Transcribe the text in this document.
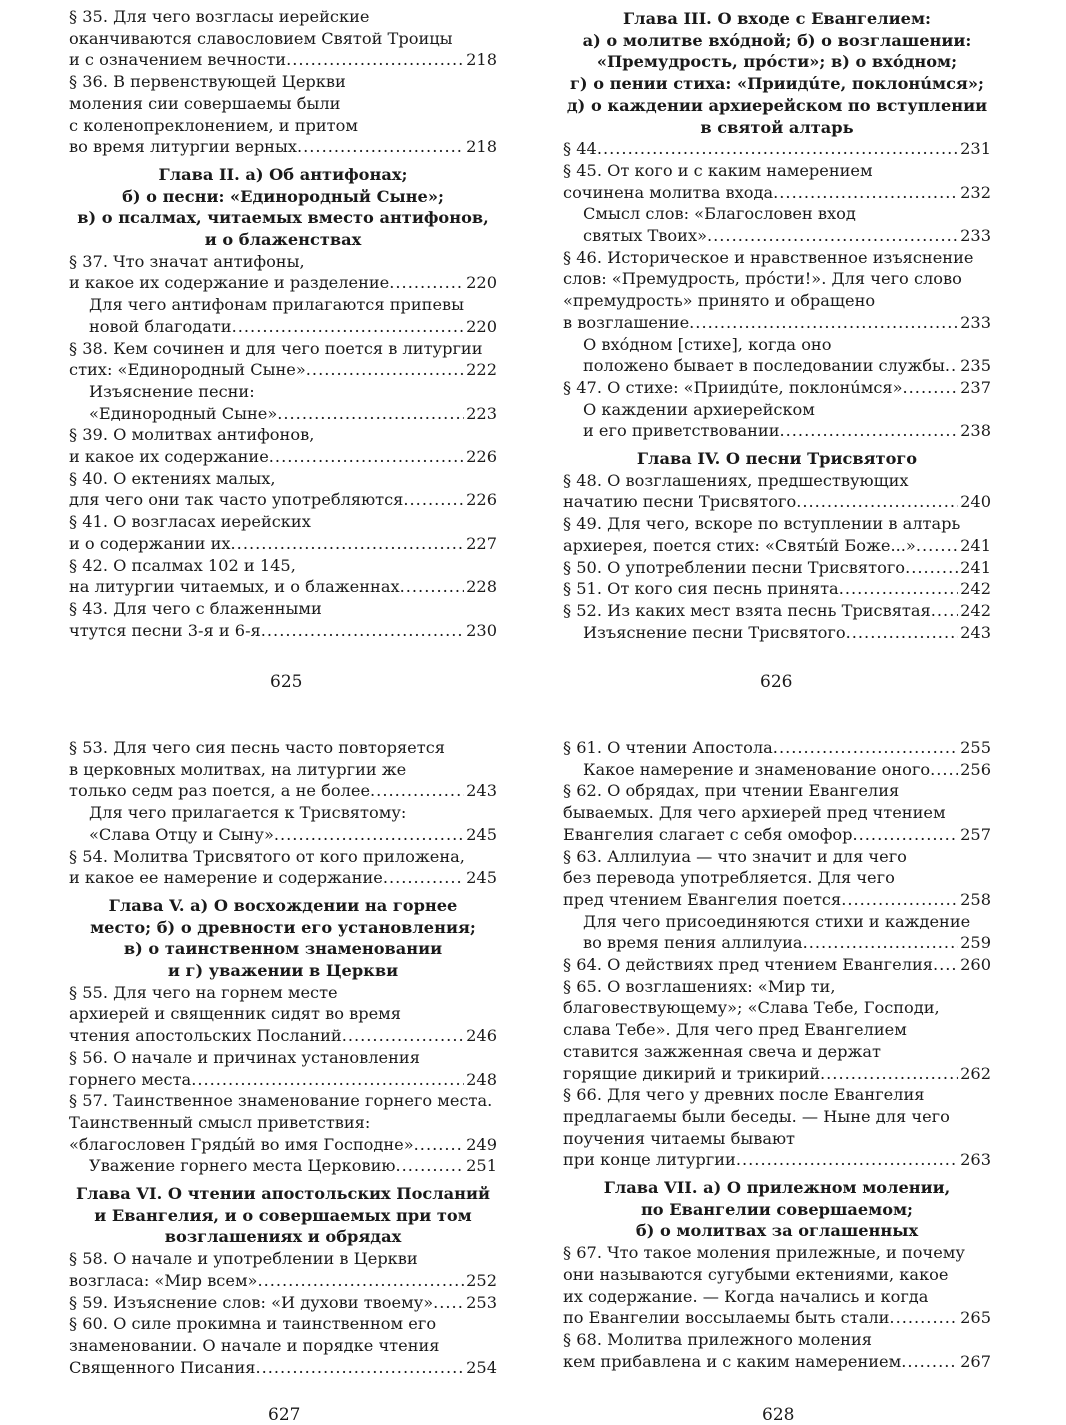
§ 35. Для чего возгласы иерейские
оканчиваются славословием Святой Троицы
и с означением вечности .....	218
§ 36. В первенствующей Церкви
моления сии совершаемы были
с коленопреклонением, и притом
во время литургии верных .....	218
Глава II. а) Об антифонах;
б) о песни: «Единородный Сыне»;
в) о псалмах, читаемых вместо антифонов,
и о блаженствах
§ 37. Что значат антифоны,
и какое их содержание и разделение .....	220
Для чего антифонам прилагаются припевы
новой благодати .....	220
§ 38. Кем сочинен и для чего поется в литургии
стих: «Единородный Сыне» .....	222
Изъяснение песни:
«Единородный Сыне» .....	223
§ 39. О молитвах антифонов,
и какое их содержание .....	226
§ 40. О ектениях малых,
для чего они так часто употребляются .....	226
§ 41. О возгласах иерейских
и о содержании их .....	227
§ 42. О псалмах 102 и 145,
на литургии читаемых, и о блаженнах .....	228
§ 43. Для чего с блаженными
чтутся песни 3-я и 6-я .....	230
Глава III. О входе с Евангелием:
а) о молитве вхóдной; б) о возглашении:
«Премудрость, прóсти»; в) о вхóдном;
г) о пении стиха: «Приидúте, поклонúмся»;
д) о каждении архиерейском по вступлении
в святой алтарь
§ 44 .....	231
§ 45. От кого и с каким намерением
сочинена молитва входа .....	232
Смысл слов: «Благословен вход
святых Твоих» .....	233
§ 46. Историческое и нравственное изъяснение
слов: «Премудрость, прóсти!». Для чего слово
«премудрость» принято и обращено
в возглашение .....	233
О вхóдном [стихе], когда оно
положено бывает в последовании службы ..... 235
§ 47. О стихе: «Приидúте, поклонúмся» .....	237
О каждении архиерейском
и его приветствовании .....	238
Глава IV. О песни Трисвятого
§ 48. О возглашениях, предшествующих
начатию песни Трисвятого .....	240
§ 49. Для чего, вскоре по вступлении в алтарь
архиерея, поется стих: «Святы́й Боже...» .....	241
§ 50. О употреблении песни Трисвятого .....	241
§ 51. От кого сия песнь принята .....	242
§ 52. Из каких мест взята песнь Трисвятая ..... 242
Изъяснение песни Трисвятого .....	243
§ 53. Для чего сия песнь часто повторяется
в церковных молитвах, на литургии же
только седм раз поется, а не более .....	243
Для чего прилагается к Трисвятому:
«Слава Отцу и Сыну» .....	245
§ 54. Молитва Трисвятого от кого приложена,
и какое ее намерение и содержание .....	245
Глава V. а) О восхождении на горнее
место; б) о древности его установления;
в) о таинственном знаменовании
и г) уважении в Церкви
§ 55. Для чего на горнем месте
архиерей и священник сидят во время
чтения апостольских Посланий .....	246
§ 56. О начале и причинах установления
горнего места .....	248
§ 57. Таинственное знаменование горнего места.
Таинственный смысл приветствия:
«благословен Гряды́й во имя Господне» .....	249
Уважение горнего места Церковию .....	251
Глава VI. О чтении апостольских Посланий
и Евангелия, и о совершаемых при том
возглашениях и обрядах
§ 58. О начале и употреблении в Церкви
возгласа: «Мир всем» .....	252
§ 59. Изъяснение слов: «И духови твоему» ..... 253
§ 60. О силе прокимна и таинственном его
знаменовании. О начале и порядке чтения
Священного Писания .....	254
§ 61. О чтении Апостола .....	255
Какое намерение и знаменование оного ..... 256
§ 62. О обрядах, при чтении Евангелия
бываемых. Для чего архиерей пред чтением
Евангелия слагает с себя омофор .....	257
§ 63. Аллилуиа — что значит и для чего
без перевода употребляется. Для чего
пред чтением Евангелия поется .....	258
Для чего присоединяются стихи и каждение
во время пения аллилуиа .....	259
§ 64. О действиях пред чтением Евангелия ..... 260
§ 65. О возглашениях: «Мир ти,
благовествующему»; «Слава Тебе, Господи,
слава Тебе». Для чего пред Евангелием
ставится зажженная свеча и держат
горящие дикирий и трикирий .....	262
§ 66. Для чего у древних после Евангелия
предлагаемы были беседы. — Ныне для чего
поучения читаемы бывают
при конце литургии .....	263
Глава VII. а) О прилежном молении,
по Евангелии совершаемом;
б) о молитвах за оглашенных
§ 67. Что такое моления прилежные, и почему
они называются сугубыми ектениями, какое
их содержание. — Когда начались и когда
по Евангелии воссылаемы быть стали .....	265
§ 68. Молитва прилежного моления
кем прибавлена и с каким намерением .....	267
625	626
627	628
